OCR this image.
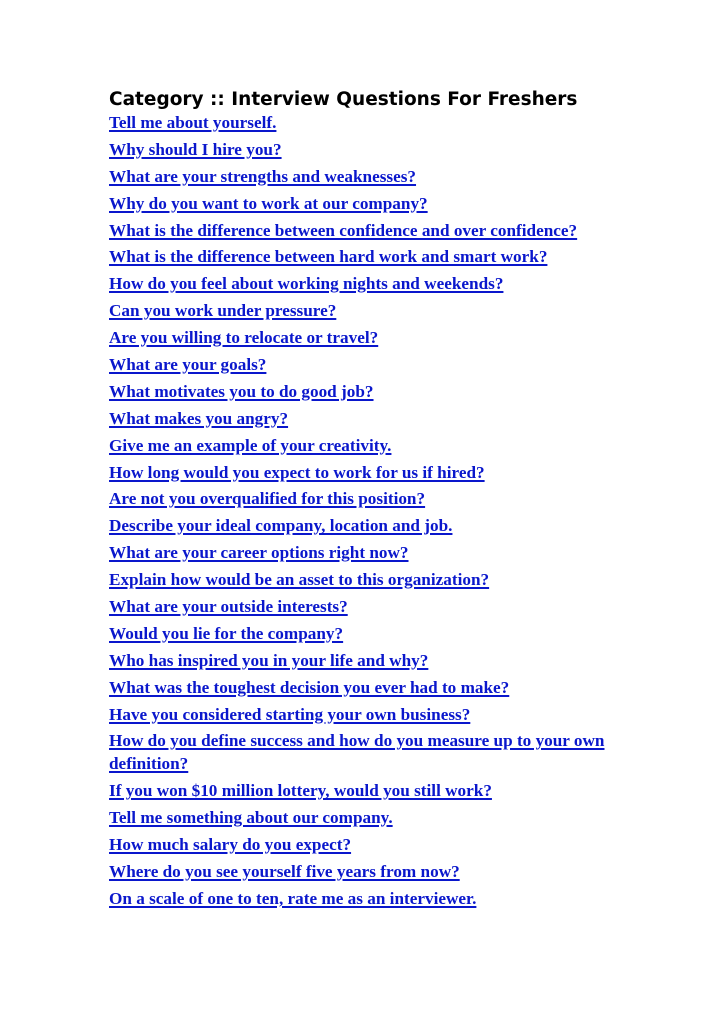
Category :: Interview Questions For Freshers
Tell me about yourself.
Why should I hire you?
What are your strengths and weaknesses?
Why do you want to work at our company?
What is the difference between confidence and over confidence?
What is the difference between hard work and smart work?
How do you feel about working nights and weekends?
Can you work under pressure?
Are you willing to relocate or travel?
What are your goals?
What motivates you to do good job?
What makes you angry?
Give me an example of your creativity.
How long would you expect to work for us if hired?
Are not you overqualified for this position?
Describe your ideal company, location and job.
What are your career options right now?
Explain how would be an asset to this organization?
What are your outside interests?
Would you lie for the company?
Who has inspired you in your life and why?
What was the toughest decision you ever had to make?
Have you considered starting your own business?
How do you define success and how do you measure up to your own definition?
If you won $10 million lottery, would you still work?
Tell me something about our company.
How much salary do you expect?
Where do you see yourself five years from now?
On a scale of one to ten, rate me as an interviewer.
